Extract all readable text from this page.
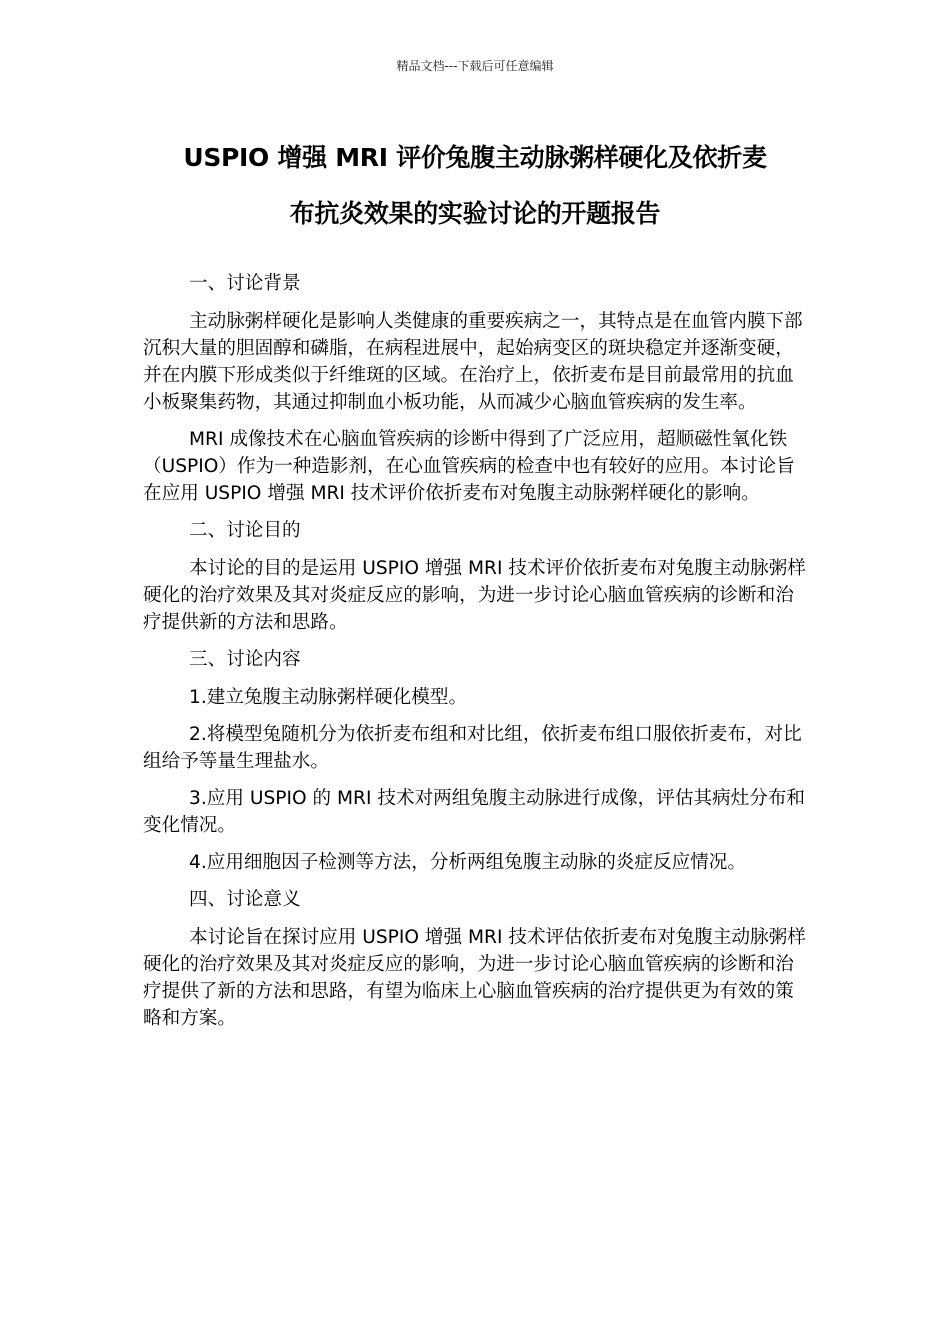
精品文档---下载后可任意编辑
USPIO 增强 MRI 评价兔腹主动脉粥样硬化及依折麦
布抗炎效果的实验讨论的开题报告

一、讨论背景

主动脉粥样硬化是影响人类健康的重要疾病之一，其特点是在血管内膜下部沉积大量的胆固醇和磷脂，在病程进展中，起始病变区的斑块稳定并逐渐变硬，并在内膜下形成类似于纤维斑的区域。在治疗上，依折麦布是目前最常用的抗血小板聚集药物，其通过抑制血小板功能，从而减少心脑血管疾病的发生率。

MRI 成像技术在心脑血管疾病的诊断中得到了广泛应用，超顺磁性氧化铁（USPIO）作为一种造影剂，在心血管疾病的检查中也有较好的应用。本讨论旨在应用 USPIO 增强 MRI 技术评价依折麦布对兔腹主动脉粥样硬化的影响。

二、讨论目的

本讨论的目的是运用 USPIO 增强 MRI 技术评价依折麦布对兔腹主动脉粥样硬化的治疗效果及其对炎症反应的影响，为进一步讨论心脑血管疾病的诊断和治疗提供新的方法和思路。

三、讨论内容

1.建立兔腹主动脉粥样硬化模型。

2.将模型兔随机分为依折麦布组和对比组，依折麦布组口服依折麦布，对比组给予等量生理盐水。

3.应用 USPIO 的 MRI 技术对两组兔腹主动脉进行成像，评估其病灶分布和变化情况。

4.应用细胞因子检测等方法，分析两组兔腹主动脉的炎症反应情况。

四、讨论意义

本讨论旨在探讨应用 USPIO 增强 MRI 技术评估依折麦布对兔腹主动脉粥样硬化的治疗效果及其对炎症反应的影响，为进一步讨论心脑血管疾病的诊断和治疗提供了新的方法和思路，有望为临床上心脑血管疾病的治疗提供更为有效的策略和方案。
